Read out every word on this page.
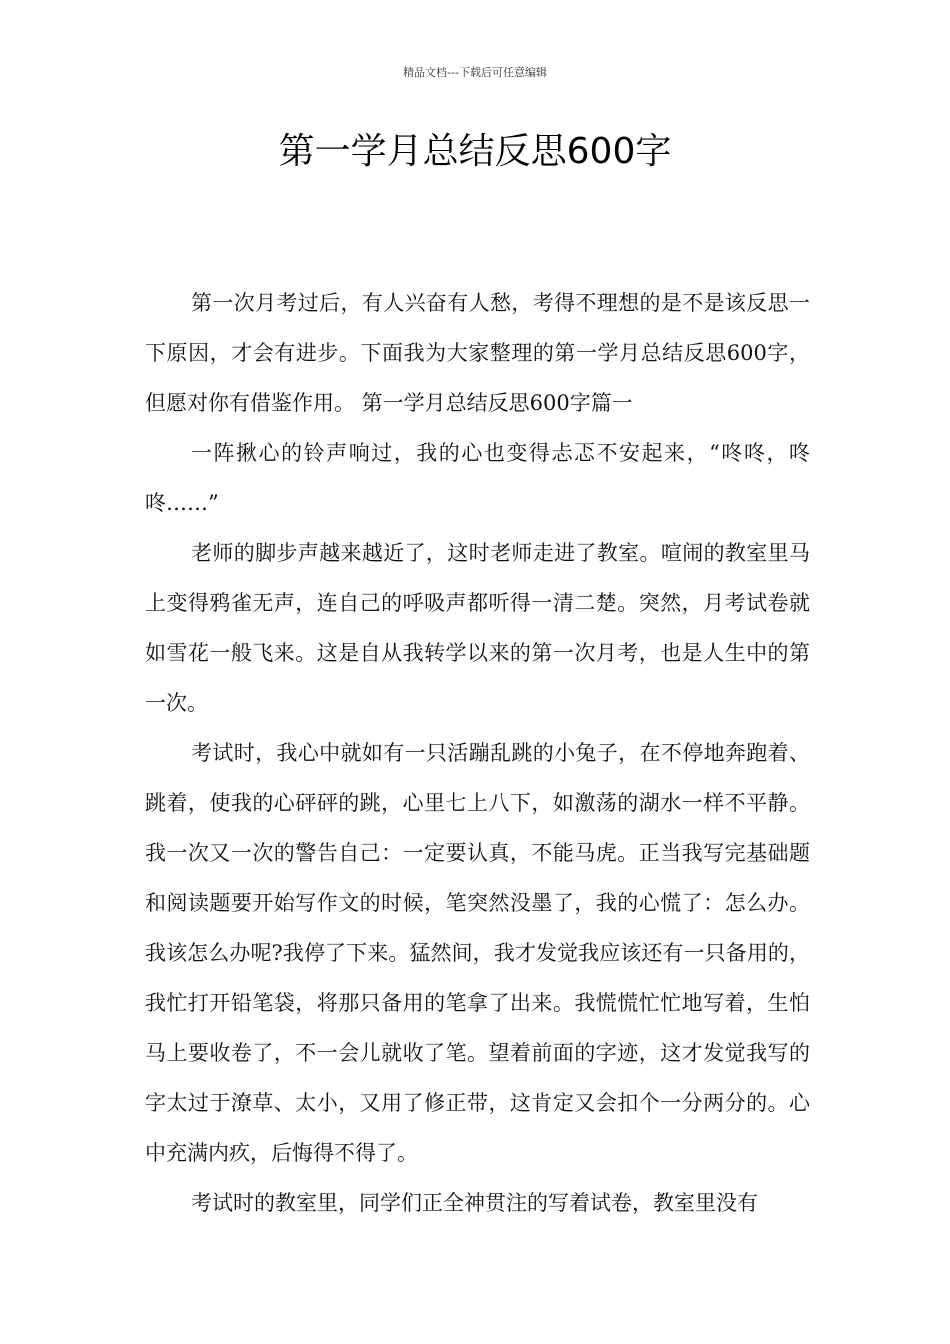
精品文档---下载后可任意编辑
第一学月总结反思600字

第一次月考过后，有人兴奋有人愁，考得不理想的是不是该反思一下原因，才会有进步。下面我为大家整理的第一学月总结反思600字，但愿对你有借鉴作用。 第一学月总结反思600字篇一

一阵揪心的铃声响过，我的心也变得忐忑不安起来，“咚咚，咚咚……”

老师的脚步声越来越近了，这时老师走进了教室。喧闹的教室里马上变得鸦雀无声，连自己的呼吸声都听得一清二楚。突然，月考试卷就如雪花一般飞来。这是自从我转学以来的第一次月考，也是人生中的第一次。

考试时，我心中就如有一只活蹦乱跳的小兔子，在不停地奔跑着、跳着，使我的心砰砰的跳，心里七上八下，如激荡的湖水一样不平静。我一次又一次的警告自己：一定要认真，不能马虎。正当我写完基础题和阅读题要开始写作文的时候，笔突然没墨了，我的心慌了：怎么办。我该怎么办呢?我停了下来。猛然间，我才发觉我应该还有一只备用的，我忙打开铅笔袋，将那只备用的笔拿了出来。我慌慌忙忙地写着，生怕马上要收卷了，不一会儿就收了笔。望着前面的字迹，这才发觉我写的字太过于潦草、太小，又用了修正带，这肯定又会扣个一分两分的。心中充满内疚，后悔得不得了。

考试时的教室里，同学们正全神贯注的写着试卷，教室里没有
